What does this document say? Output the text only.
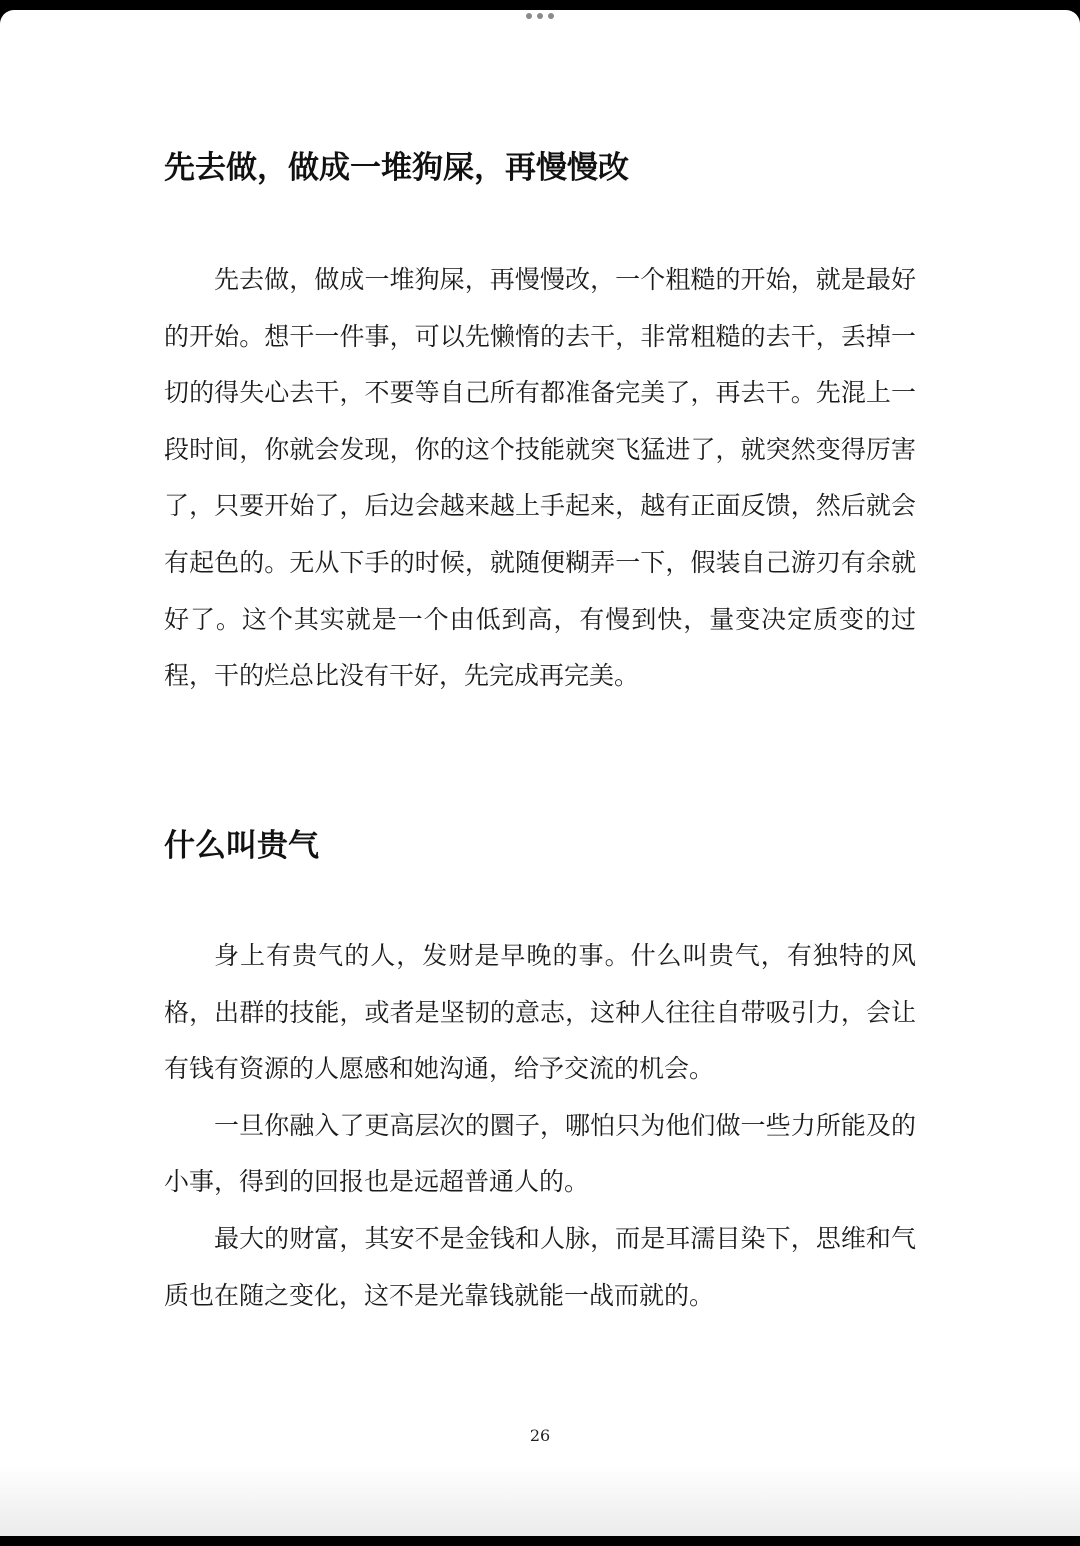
先去做，做成一堆狗屎，再慢慢改

先去做，做成一堆狗屎，再慢慢改，一个粗糙的开始，就是最好的开始。想干一件事，可以先懒惰的去干，非常粗糙的去干，丢掉一切的得失心去干，不要等自己所有都准备完美了，再去干。先混上一段时间，你就会发现，你的这个技能就突飞猛进了，就突然变得厉害了，只要开始了，后边会越来越上手起来，越有正面反馈，然后就会有起色的。无从下手的时候，就随便糊弄一下，假装自己游刃有余就好了。这个其实就是一个由低到高，有慢到快，量变决定质变的过程，干的烂总比没有干好，先完成再完美。

什么叫贵气

身上有贵气的人，发财是早晚的事。什么叫贵气，有独特的风格，出群的技能，或者是坚韧的意志，这种人往往自带吸引力，会让有钱有资源的人愿感和她沟通，给予交流的机会。

一旦你融入了更高层次的圜子，哪怕只为他们做一些力所能及的小事，得到的回报也是远超普通人的。

最大的财富，其安不是金钱和人脉，而是耳濡目染下，思维和气质也在随之变化，这不是光靠钱就能一战而就的。

26
